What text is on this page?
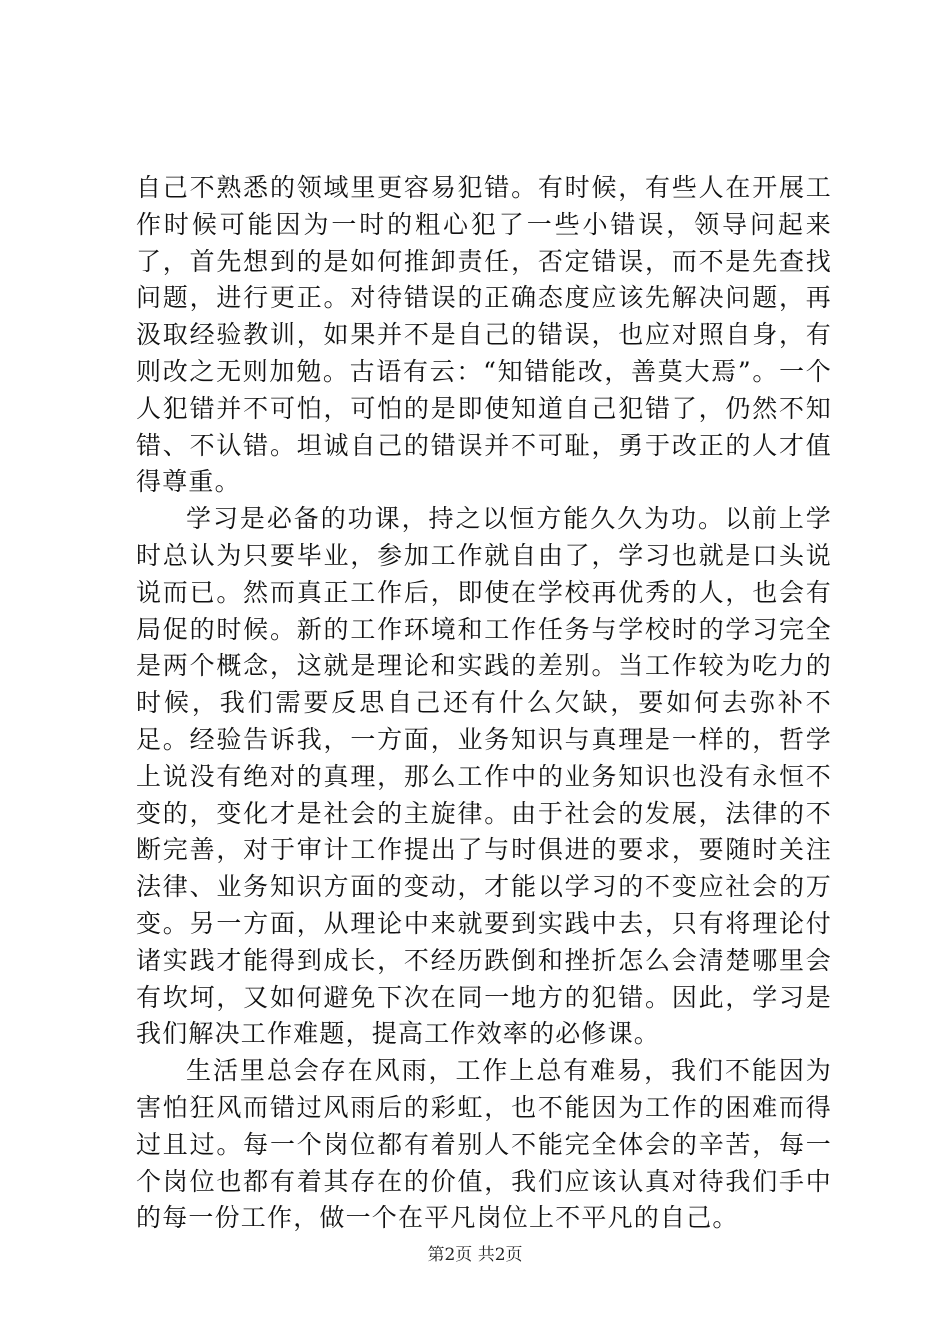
自己不熟悉的领域里更容易犯错。有时候，有些人在开展工作时候可能因为一时的粗心犯了一些小错误，领导问起来了，首先想到的是如何推卸责任，否定错误，而不是先查找问题，进行更正。对待错误的正确态度应该先解决问题，再汲取经验教训，如果并不是自己的错误，也应对照自身，有则改之无则加勉。古语有云：“知错能改，善莫大焉”。一个人犯错并不可怕，可怕的是即使知道自己犯错了，仍然不知错、不认错。坦诚自己的错误并不可耻，勇于改正的人才值得尊重。

学习是必备的功课，持之以恒方能久久为功。以前上学时总认为只要毕业，参加工作就自由了，学习也就是口头说说而已。然而真正工作后，即使在学校再优秀的人，也会有局促的时候。新的工作环境和工作任务与学校时的学习完全是两个概念，这就是理论和实践的差别。当工作较为吃力的时候，我们需要反思自己还有什么欠缺，要如何去弥补不足。经验告诉我，一方面，业务知识与真理是一样的，哲学上说没有绝对的真理，那么工作中的业务知识也没有永恒不变的，变化才是社会的主旋律。由于社会的发展，法律的不断完善，对于审计工作提出了与时俱进的要求，要随时关注法律、业务知识方面的变动，才能以学习的不变应社会的万变。另一方面，从理论中来就要到实践中去，只有将理论付诸实践才能得到成长，不经历跌倒和挫折怎么会清楚哪里会有坎坷，又如何避免下次在同一地方的犯错。因此，学习是我们解决工作难题，提高工作效率的必修课。

生活里总会存在风雨，工作上总有难易，我们不能因为害怕狂风而错过风雨后的彩虹，也不能因为工作的困难而得过且过。每一个岗位都有着别人不能完全体会的辛苦，每一个岗位也都有着其存在的价值，我们应该认真对待我们手中的每一份工作，做一个在平凡岗位上不平凡的自己。

第2页 共2页
